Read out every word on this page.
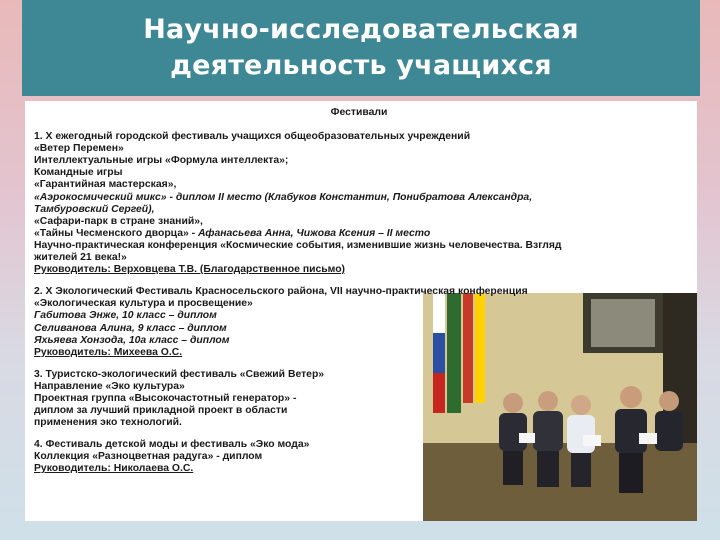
Научно-исследовательская
деятельность учащихся

Фестивали

1. X ежегодный городской фестиваль учащихся общеобразовательных учреждений

«Ветер Перемен»

Интеллектуальные игры «Формула интеллекта»;

Командные игры

«Гарантийная мастерская»,

«Аэрокосмический микс» - диплом II место (Клабуков Константин, Понибратова Александра,

Тамбуровский Сергей),

«Сафари-парк в стране знаний»,

«Тайны Чесменского дворца» - Афанасьева Анна, Чижова Ксения – II место

Научно-практическая конференция «Космические события, изменившие жизнь человечества. Взгляд

жителей 21 века!»

Руководитель: Верховцева Т.В. (Благодарственное письмо)

2. X Экологический Фестиваль Красносельского района, VII научно-практическая конференция

«Экологическая культура и просвещение»

Габитова Энже, 10 класс – диплом

Селиванова Алина, 9 класс – диплом

Яхьяева Хонзода, 10а класс – диплом

Руководитель: Михеева О.С.

3. Туристско-экологический фестиваль «Свежий Ветер»

Направление «Эко культура»

Проектная группа «Высокочастотный генератор» -

диплом за лучший прикладной проект в области

применения эко технологий.

4. Фестиваль детской моды и фестиваль «Эко мода»

Коллекция «Разноцветная радуга» - диплом

Руководитель: Николаева О.С.
